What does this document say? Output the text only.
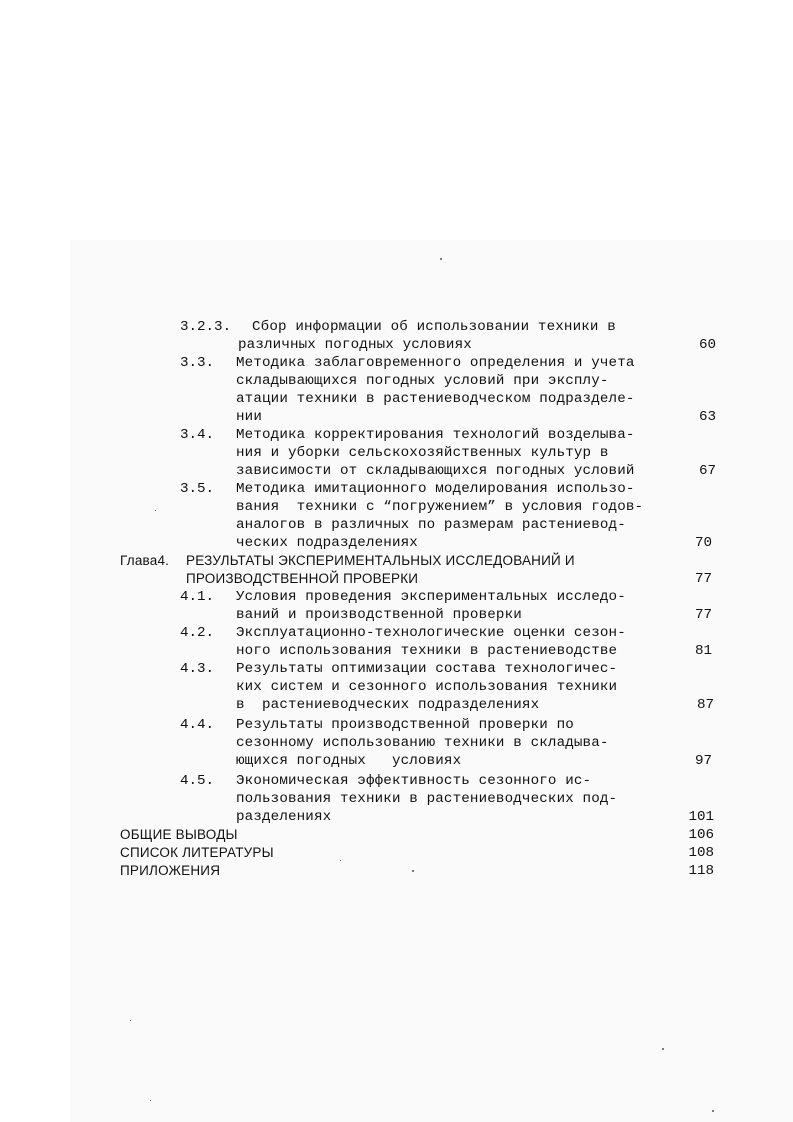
3.2.3. Сбор информации об использовании техники в
различных погодных условиях	60
3.3. Методика заблаговременного определения и учета
складывающихся погодных условий при эксплу-
атации техники в растениеводческом подразделе-
нии	63
3.4. Методика корректирования технологий возделыва-
ния и уборки сельскохозяйственных культур в
зависимости от складывающихся погодных условий	67
3.5. Методика имитационного моделирования использо-
вания  техники с “погружением” в условия годов-
аналогов в различных по размерам растениевод-
ческих подразделениях	70
Глава4. РЕЗУЛЬТАТЫ ЭКСПЕРИМЕНТАЛЬНЫХ ИССЛЕДОВАНИЙ И
ПРОИЗВОДСТВЕННОЙ ПРОВЕРКИ	77
4.1. Условия проведения экспериментальных исследо-
ваний и производственной проверки	77
4.2. Эксплуатационно-технологические оценки сезон-
ного использования техники в растениеводстве	81
4.3. Результаты оптимизации состава технологичес-
ких систем и сезонного использования техники
в  растениеводческих подразделениях	87
4.4. Результаты производственной проверки по
сезонному использованию техники в складыва-
ющихся погодных   условиях	97
4.5. Экономическая эффективность сезонного ис-
пользования техники в растениеводческих под-
разделениях	101
ОБЩИЕ ВЫВОДЫ	106
СПИСОК ЛИТЕРАТУРЫ	108
ПРИЛОЖЕНИЯ	118
